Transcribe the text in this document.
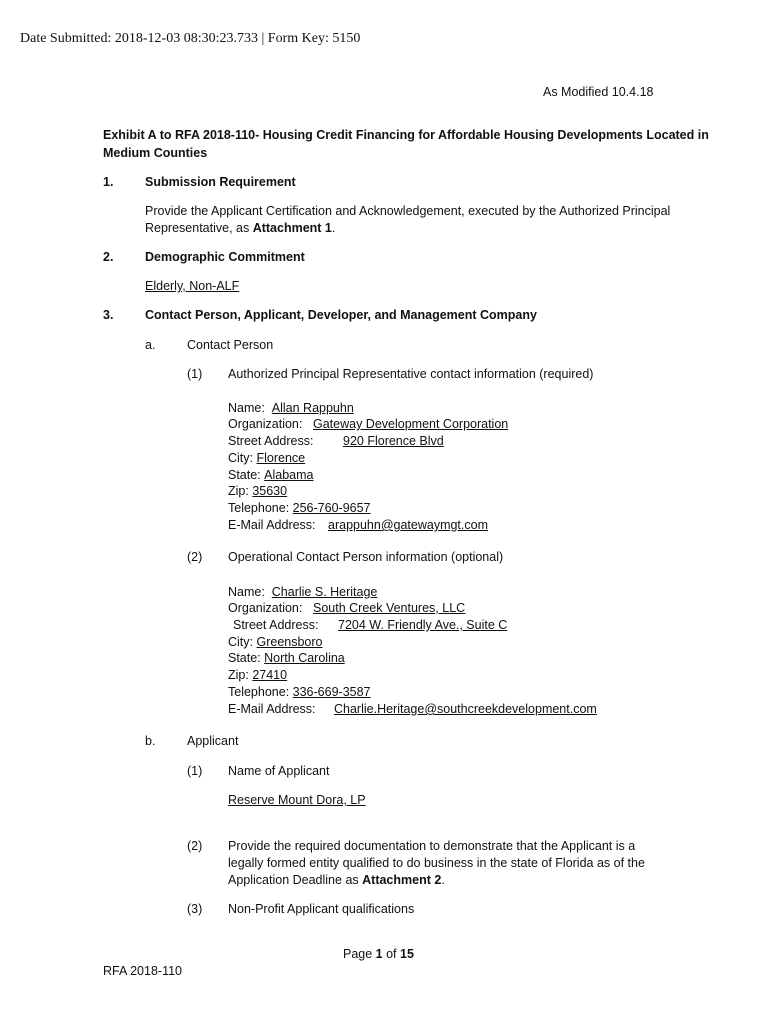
Date Submitted: 2018-12-03 08:30:23.733 | Form Key: 5150
As Modified 10.4.18
Exhibit A to RFA 2018-110- Housing Credit Financing for Affordable Housing Developments Located in
Medium Counties
1.	Submission Requirement
Provide the Applicant Certification and Acknowledgement, executed by the Authorized Principal
Representative, as Attachment 1.
2.	Demographic Commitment
Elderly, Non-ALF
3.	Contact Person, Applicant, Developer, and Management Company
a.	Contact Person
(1) Authorized Principal Representative contact information (required)
Name: Allan Rappuhn
Organization: Gateway Development Corporation
Street Address: 920 Florence Blvd
City: Florence
State: Alabama
Zip: 35630
Telephone: 256-760-9657
E-Mail Address: arappuhn@gatewaymgt.com
(2) Operational Contact Person information (optional)
Name: Charlie S. Heritage
Organization: South Creek Ventures, LLC
Street Address: 7204 W. Friendly Ave., Suite C
City: Greensboro
State: North Carolina
Zip: 27410
Telephone: 336-669-3587
E-Mail Address: Charlie.Heritage@southcreekdevelopment.com
b.	Applicant
(1) Name of Applicant
Reserve Mount Dora, LP
(2) Provide the required documentation to demonstrate that the Applicant is a
legally formed entity qualified to do business in the state of Florida as of the
Application Deadline as Attachment 2.
(3) Non-Profit Applicant qualifications
Page 1 of 15
RFA 2018-110
